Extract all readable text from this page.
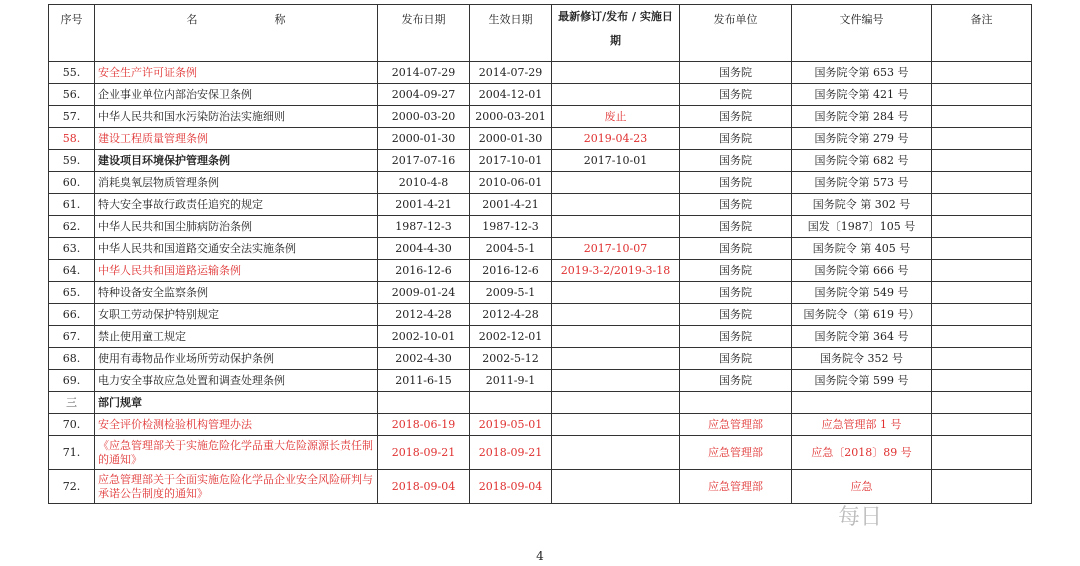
序号	名　　　　　　　称	发布日期	生效日期	最新修订/发布 / 实施日期	发布单位	文件编号	备注
55.	安全生产许可证条例	2014-07-29	2014-07-29		国务院	国务院令第 653 号	
56.	企业事业单位内部治安保卫条例	2004-09-27	2004-12-01		国务院	国务院令第 421 号	
57.	中华人民共和国水污染防治法实施细则	2000-03-20	2000-03-201	废止	国务院	国务院令第 284 号	
58.	建设工程质量管理条例	2000-01-30	2000-01-30	2019-04-23	国务院	国务院令第 279 号	
59.	建设项目环境保护管理条例	2017-07-16	2017-10-01	2017-10-01	国务院	国务院令第 682 号	
60.	消耗臭氧层物质管理条例	2010-4-8	2010-06-01		国务院	国务院令第 573 号	
61.	特大安全事故行政责任追究的规定	2001-4-21	2001-4-21		国务院	国务院令 第 302 号	
62.	中华人民共和国尘肺病防治条例	1987-12-3	1987-12-3		国务院	国发〔1987〕105 号	
63.	中华人民共和国道路交通安全法实施条例	2004-4-30	2004-5-1	2017-10-07	国务院	国务院令 第 405 号	
64.	中华人民共和国道路运输条例	2016-12-6	2016-12-6	2019-3-2/2019-3-18	国务院	国务院令第 666 号	
65.	特种设备安全监察条例	2009-01-24	2009-5-1		国务院	国务院令第 549 号	
66.	女职工劳动保护特别规定	2012-4-28	2012-4-28		国务院	国务院令（第 619 号）	
67.	禁止使用童工规定	2002-10-01	2002-12-01		国务院	国务院令第 364 号	
68.	使用有毒物品作业场所劳动保护条例	2002-4-30	2002-5-12		国务院	国务院令 352 号	
69.	电力安全事故应急处置和调查处理条例	2011-6-15	2011-9-1		国务院	国务院令第 599 号	
三	部门规章						
70.	安全评价检测检验机构管理办法	2018-06-19	2019-05-01		应急管理部	应急管理部 1 号	
71.	《应急管理部关于实施危险化学品重大危险源源长责任制的通知》	2018-09-21	2018-09-21		应急管理部	应急〔2018〕89 号	
72.	应急管理部关于全面实施危险化学品企业安全风险研判与承诺公告制度的通知》	2018-09-04	2018-09-04		应急管理部	应急	
4
每日
